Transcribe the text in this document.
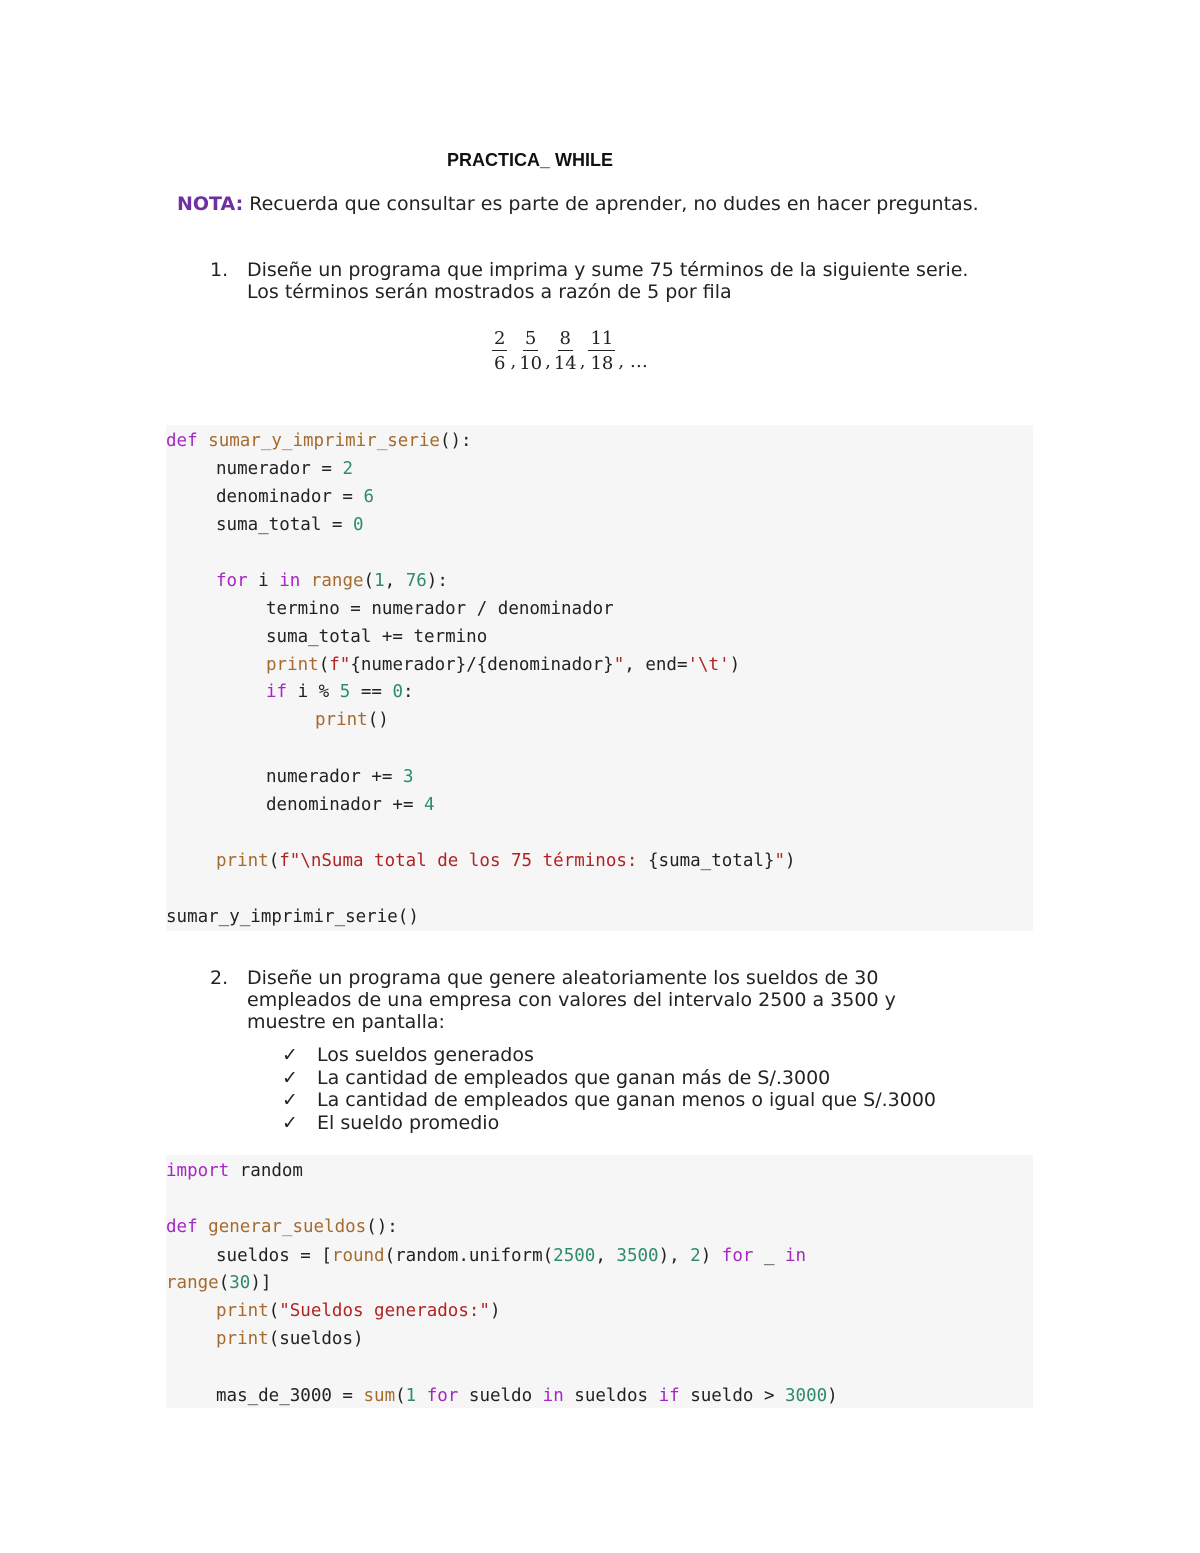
PRACTICA_ WHILE
NOTA: Recuerda que consultar es parte de aprender, no dudes en hacer preguntas.
1. Diseñe un programa que imprima y sume 75 términos de la siguiente serie.
Los términos serán mostrados a razón de 5 por fila
$\frac{2}{6}$ , $\frac{5}{10}$ , $\frac{8}{14}$ , $\frac{11}{18}$ , …
def sumar_y_imprimir_serie():
numerador = 2
denominador = 6
suma_total = 0
for i in range(1, 76):
termino = numerador / denominador
suma_total += termino
print(f"{numerador}/{denominador}", end='\t')
if i % 5 == 0:
print()
numerador += 3
denominador += 4
print(f"\nSuma total de los 75 términos: {suma_total}")
sumar_y_imprimir_serie()
2. Diseñe un programa que genere aleatoriamente los sueldos de 30
empleados de una empresa con valores del intervalo 2500 a 3500 y
muestre en pantalla:
✓ Los sueldos generados
✓ La cantidad de empleados que ganan más de S/.3000
✓ La cantidad de empleados que ganan menos o igual que S/.3000
✓ El sueldo promedio
import random
def generar_sueldos():
sueldos = [round(random.uniform(2500, 3500), 2) for _ in
range(30)]
print("Sueldos generados:")
print(sueldos)
mas_de_3000 = sum(1 for sueldo in sueldos if sueldo > 3000)
